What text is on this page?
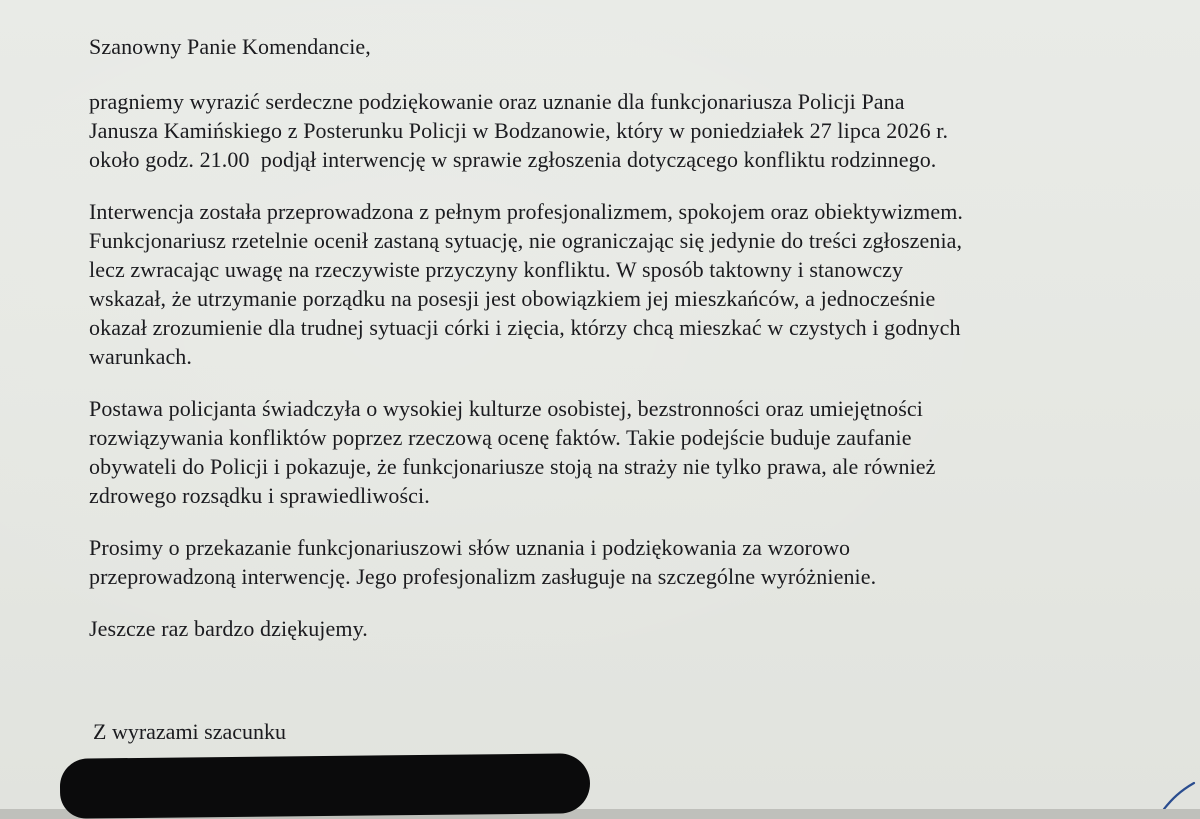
Szanowny Panie Komendancie,
pragniemy wyrazić serdeczne podziękowanie oraz uznanie dla funkcjonariusza Policji Pana
Janusza Kamińskiego z Posterunku Policji w Bodzanowie, który w poniedziałek 27 lipca 2026 r.
około godz. 21.00  podjął interwencję w sprawie zgłoszenia dotyczącego konfliktu rodzinnego.
Interwencja została przeprowadzona z pełnym profesjonalizmem, spokojem oraz obiektywizmem.
Funkcjonariusz rzetelnie ocenił zastaną sytuację, nie ograniczając się jedynie do treści zgłoszenia,
lecz zwracając uwagę na rzeczywiste przyczyny konfliktu. W sposób taktowny i stanowczy
wskazał, że utrzymanie porządku na posesji jest obowiązkiem jej mieszkańców, a jednocześnie
okazał zrozumienie dla trudnej sytuacji córki i zięcia, którzy chcą mieszkać w czystych i godnych
warunkach.
Postawa policjanta świadczyła o wysokiej kulturze osobistej, bezstronności oraz umiejętności
rozwiązywania konfliktów poprzez rzeczową ocenę faktów. Takie podejście buduje zaufanie
obywateli do Policji i pokazuje, że funkcjonariusze stoją na straży nie tylko prawa, ale również
zdrowego rozsądku i sprawiedliwości.
Prosimy o przekazanie funkcjonariuszowi słów uznania i podziękowania za wzorowo
przeprowadzoną interwencję. Jego profesjonalizm zasługuje na szczególne wyróżnienie.
Jeszcze raz bardzo dziękujemy.
Z wyrazami szacunku
